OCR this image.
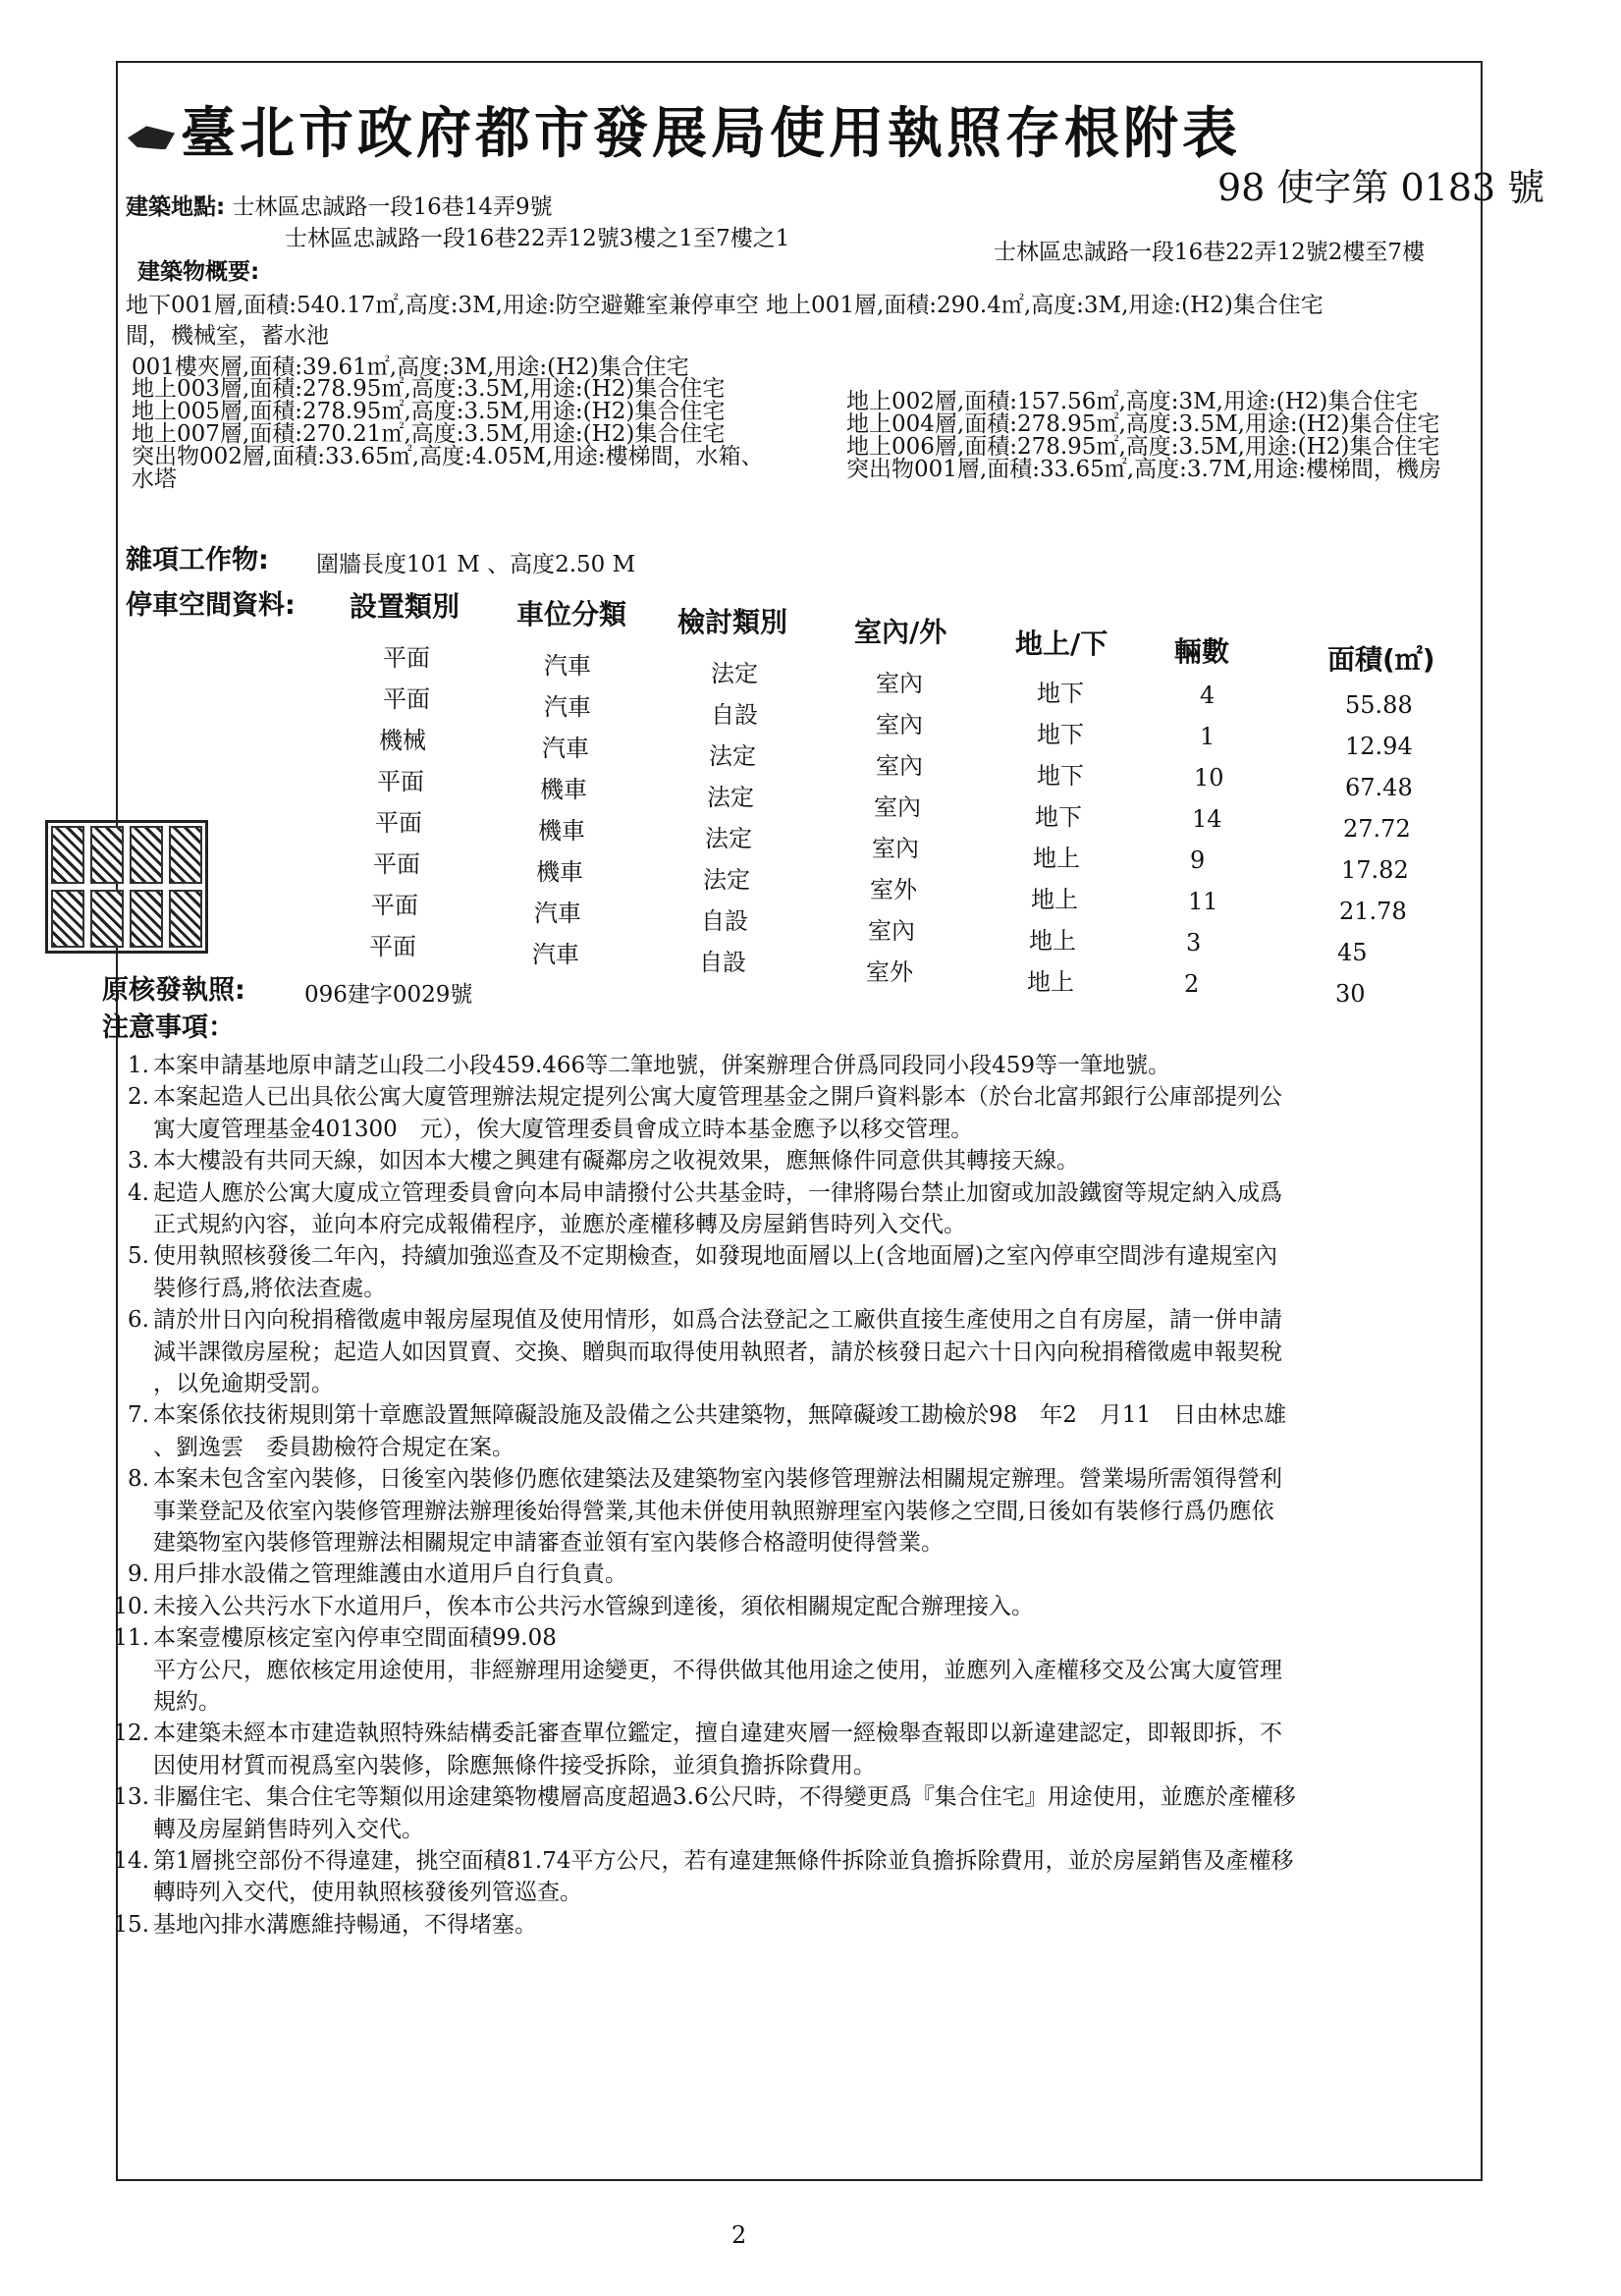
臺北市政府都市發展局使用執照存根附表
98 使字第 0183 號
建築地點: 士林區忠誠路一段16巷14弄9號
士林區忠誠路一段16巷22弄12號3樓之1至7樓之1
士林區忠誠路一段16巷22弄12號2樓至7樓
建築物概要:
地下001層,面積:540.17㎡,高度:3M,用途:防空避難室兼停車空 地上001層,面積:290.4㎡,高度:3M,用途:(H2)集合住宅
間，機械室，蓄水池
001樓夾層,面積:39.61㎡,高度:3M,用途:(H2)集合住宅
地上003層,面積:278.95㎡,高度:3.5M,用途:(H2)集合住宅
地上005層,面積:278.95㎡,高度:3.5M,用途:(H2)集合住宅
地上007層,面積:270.21㎡,高度:3.5M,用途:(H2)集合住宅
突出物002層,面積:33.65㎡,高度:4.05M,用途:樓梯間，水箱、
水塔
地上002層,面積:157.56㎡,高度:3M,用途:(H2)集合住宅
地上004層,面積:278.95㎡,高度:3.5M,用途:(H2)集合住宅
地上006層,面積:278.95㎡,高度:3.5M,用途:(H2)集合住宅
突出物001層,面積:33.65㎡,高度:3.7M,用途:樓梯間，機房
雜項工作物: 圍牆長度101 M 、高度2.50 M
停車空間資料: 設置類別 車位分類 檢討類別 室內/外 地上/下 輛數	面積(㎡)
平面	汽車	法定	室內	地下	4	55.88
平面	汽車	自設	室內	地下	1	12.94
機械	汽車	法定	室內	地下	10	67.48
平面	機車	法定	室內	地下	14	27.72
平面	機車	法定	室內	地上	9	17.82
平面	機車	法定	室外	地上	11	21.78
平面	汽車	自設	室內	地上	3	45
平面	汽車	自設	室外	地上	2	30
原核發執照:	096建字0029號
注意事項：
1. 本案申請基地原申請芝山段二小段459.466等二筆地號，併案辦理合併爲同段同小段459等一筆地號。
2. 本案起造人已出具依公寓大廈管理辦法規定提列公寓大廈管理基金之開戶資料影本（於台北富邦銀行公庫部提列公
寓大廈管理基金401300　元），俟大廈管理委員會成立時本基金應予以移交管理。
3. 本大樓設有共同天線，如因本大樓之興建有礙鄰房之收視效果，應無條件同意供其轉接天線。
4. 起造人應於公寓大廈成立管理委員會向本局申請撥付公共基金時，一律將陽台禁止加窗或加設鐵窗等規定納入成爲
正式規約內容，並向本府完成報備程序，並應於產權移轉及房屋銷售時列入交代。
5. 使用執照核發後二年內，持續加強巡查及不定期檢查，如發現地面層以上(含地面層)之室內停車空間涉有違規室內
裝修行爲,將依法查處。
6. 請於卅日內向稅捐稽徵處申報房屋現值及使用情形，如爲合法登記之工廠供直接生產使用之自有房屋，請一併申請
減半課徵房屋稅；起造人如因買賣、交換、贈與而取得使用執照者，請於核發日起六十日內向稅捐稽徵處申報契稅
，以免逾期受罰。
7. 本案係依技術規則第十章應設置無障礙設施及設備之公共建築物，無障礙竣工勘檢於98　年2　月11　日由林忠雄
、劉逸雲　委員勘檢符合規定在案。
8. 本案未包含室內裝修，日後室內裝修仍應依建築法及建築物室內裝修管理辦法相關規定辦理。營業場所需領得營利
事業登記及依室內裝修管理辦法辦理後始得營業,其他未併使用執照辦理室內裝修之空間,日後如有裝修行爲仍應依
建築物室內裝修管理辦法相關規定申請審查並領有室內裝修合格證明使得營業。
9. 用戶排水設備之管理維護由水道用戶自行負責。
10. 未接入公共污水下水道用戶，俟本市公共污水管線到達後，須依相關規定配合辦理接入。
11. 本案壹樓原核定室內停車空間面積99.08
平方公尺，應依核定用途使用，非經辦理用途變更，不得供做其他用途之使用，並應列入產權移交及公寓大廈管理
規約。
12. 本建築未經本市建造執照特殊結構委託審查單位鑑定，擅自違建夾層一經檢舉查報即以新違建認定，即報即拆，不
因使用材質而視爲室內裝修，除應無條件接受拆除，並須負擔拆除費用。
13. 非屬住宅、集合住宅等類似用途建築物樓層高度超過3.6公尺時，不得變更爲『集合住宅』用途使用，並應於產權移
轉及房屋銷售時列入交代。
14. 第1層挑空部份不得違建，挑空面積81.74平方公尺，若有違建無條件拆除並負擔拆除費用，並於房屋銷售及產權移
轉時列入交代，使用執照核發後列管巡查。
15. 基地內排水溝應維持暢通，不得堵塞。
2
